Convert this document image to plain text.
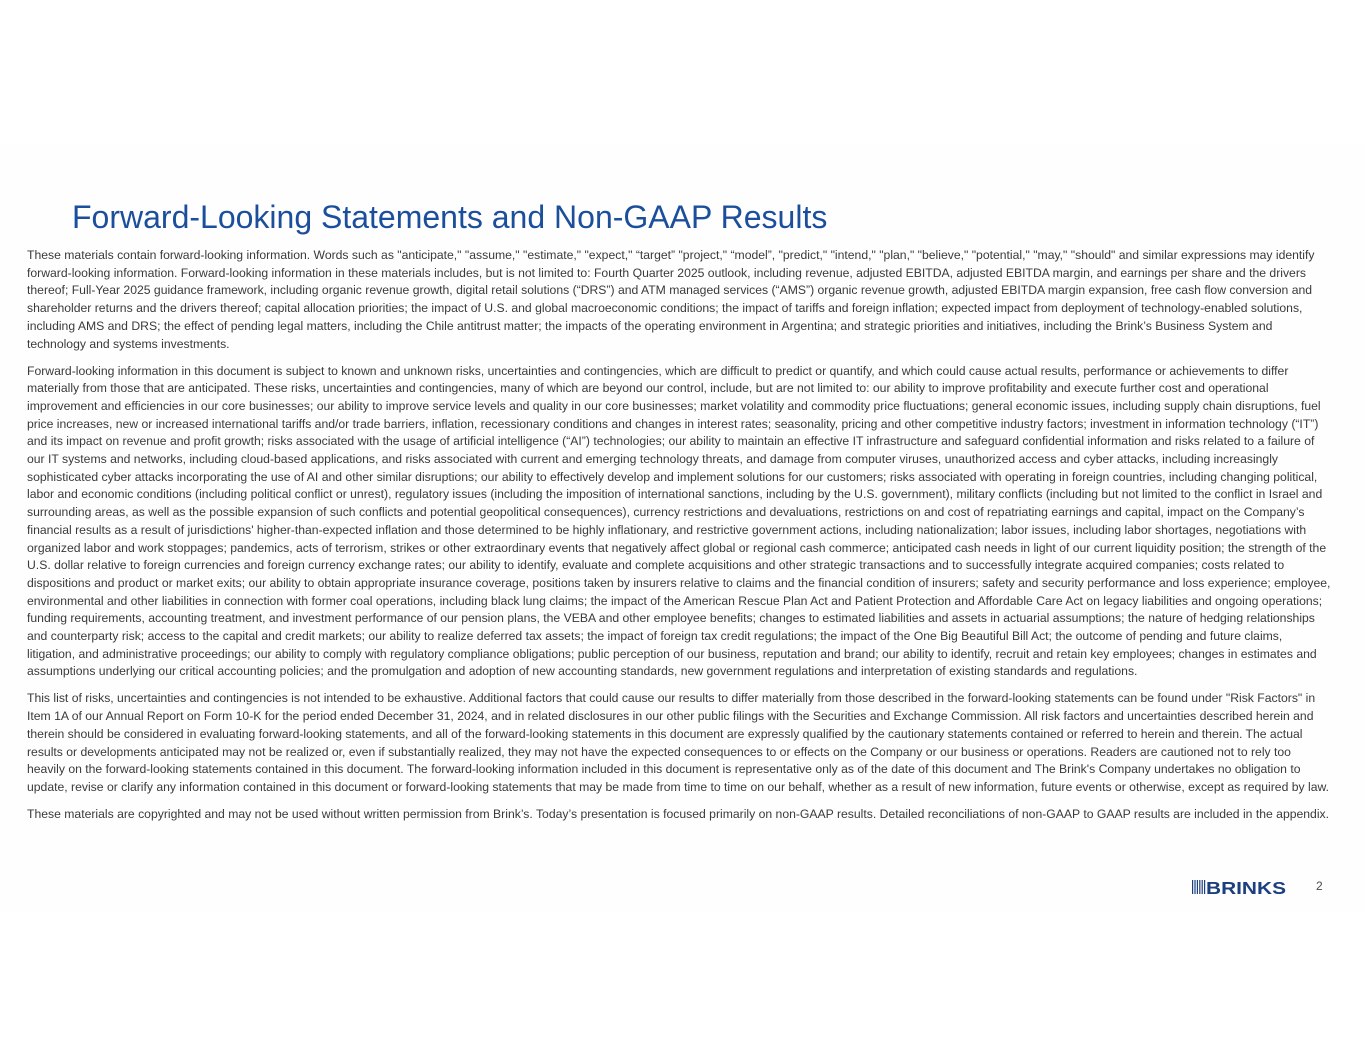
Forward-Looking Statements and Non-GAAP Results

These materials contain forward-looking information. Words such as "anticipate," "assume," "estimate," "expect," “target” "project," “model”, "predict," "intend," "plan," "believe," "potential," "may," "should" and similar expressions may identify forward-looking information. Forward-looking information in these materials includes, but is not limited to: Fourth Quarter 2025 outlook, including revenue, adjusted EBITDA, adjusted EBITDA margin, and earnings per share and the drivers thereof; Full-Year 2025 guidance framework, including organic revenue growth, digital retail solutions (“DRS”) and ATM managed services (“AMS”) organic revenue growth, adjusted EBITDA margin expansion, free cash flow conversion and shareholder returns and the drivers thereof; capital allocation priorities; the impact of U.S. and global macroeconomic conditions; the impact of tariffs and foreign inflation; expected impact from deployment of technology-enabled solutions, including AMS and DRS; the effect of pending legal matters, including the Chile antitrust matter; the impacts of the operating environment in Argentina; and strategic priorities and initiatives, including the Brink’s Business System and technology and systems investments.

Forward-looking information in this document is subject to known and unknown risks, uncertainties and contingencies, which are difficult to predict or quantify, and which could cause actual results, performance or achievements to differ materially from those that are anticipated. These risks, uncertainties and contingencies, many of which are beyond our control, include, but are not limited to: our ability to improve profitability and execute further cost and operational improvement and efficiencies in our core businesses; our ability to improve service levels and quality in our core businesses; market volatility and commodity price fluctuations; general economic issues, including supply chain disruptions, fuel price increases, new or increased international tariffs and/or trade barriers, inflation, recessionary conditions and changes in interest rates; seasonality, pricing and other competitive industry factors; investment in information technology (“IT”) and its impact on revenue and profit growth; risks associated with the usage of artificial intelligence (“AI”) technologies; our ability to maintain an effective IT infrastructure and safeguard confidential information and risks related to a failure of our IT systems and networks, including cloud-based applications, and risks associated with current and emerging technology threats, and damage from computer viruses, unauthorized access and cyber attacks, including increasingly sophisticated cyber attacks incorporating the use of AI and other similar disruptions; our ability to effectively develop and implement solutions for our customers; risks associated with operating in foreign countries, including changing political, labor and economic conditions (including political conflict or unrest), regulatory issues (including the imposition of international sanctions, including by the U.S. government), military conflicts (including but not limited to the conflict in Israel and surrounding areas, as well as the possible expansion of such conflicts and potential geopolitical consequences), currency restrictions and devaluations, restrictions on and cost of repatriating earnings and capital, impact on the Company’s financial results as a result of jurisdictions' higher-than-expected inflation and those determined to be highly inflationary, and restrictive government actions, including nationalization; labor issues, including labor shortages, negotiations with organized labor and work stoppages; pandemics, acts of terrorism, strikes or other extraordinary events that negatively affect global or regional cash commerce; anticipated cash needs in light of our current liquidity position; the strength of the U.S. dollar relative to foreign currencies and foreign currency exchange rates; our ability to identify, evaluate and complete acquisitions and other strategic transactions and to successfully integrate acquired companies; costs related to dispositions and product or market exits; our ability to obtain appropriate insurance coverage, positions taken by insurers relative to claims and the financial condition of insurers; safety and security performance and loss experience; employee, environmental and other liabilities in connection with former coal operations, including black lung claims; the impact of the American Rescue Plan Act and Patient Protection and Affordable Care Act on legacy liabilities and ongoing operations; funding requirements, accounting treatment, and investment performance of our pension plans, the VEBA and other employee benefits; changes to estimated liabilities and assets in actuarial assumptions; the nature of hedging relationships and counterparty risk; access to the capital and credit markets; our ability to realize deferred tax assets; the impact of foreign tax credit regulations; the impact of the One Big Beautiful Bill Act; the outcome of pending and future claims, litigation, and administrative proceedings; our ability to comply with regulatory compliance obligations; public perception of our business, reputation and brand; our ability to identify, recruit and retain key employees; changes in estimates and assumptions underlying our critical accounting policies; and the promulgation and adoption of new accounting standards, new government regulations and interpretation of existing standards and regulations.

This list of risks, uncertainties and contingencies is not intended to be exhaustive. Additional factors that could cause our results to differ materially from those described in the forward-looking statements can be found under "Risk Factors" in Item 1A of our Annual Report on Form 10-K for the period ended December 31, 2024, and in related disclosures in our other public filings with the Securities and Exchange Commission. All risk factors and uncertainties described herein and therein should be considered in evaluating forward-looking statements, and all of the forward-looking statements in this document are expressly qualified by the cautionary statements contained or referred to herein and therein. The actual results or developments anticipated may not be realized or, even if substantially realized, they may not have the expected consequences to or effects on the Company or our business or operations. Readers are cautioned not to rely too heavily on the forward-looking statements contained in this document. The forward-looking information included in this document is representative only as of the date of this document and The Brink's Company undertakes no obligation to update, revise or clarify any information contained in this document or forward-looking statements that may be made from time to time on our behalf, whether as a result of new information, future events or otherwise, except as required by law.

These materials are copyrighted and may not be used without written permission from Brink’s. Today’s presentation is focused primarily on non-GAAP results. Detailed reconciliations of non-GAAP to GAAP results are included in the appendix.

BRINKS	2
